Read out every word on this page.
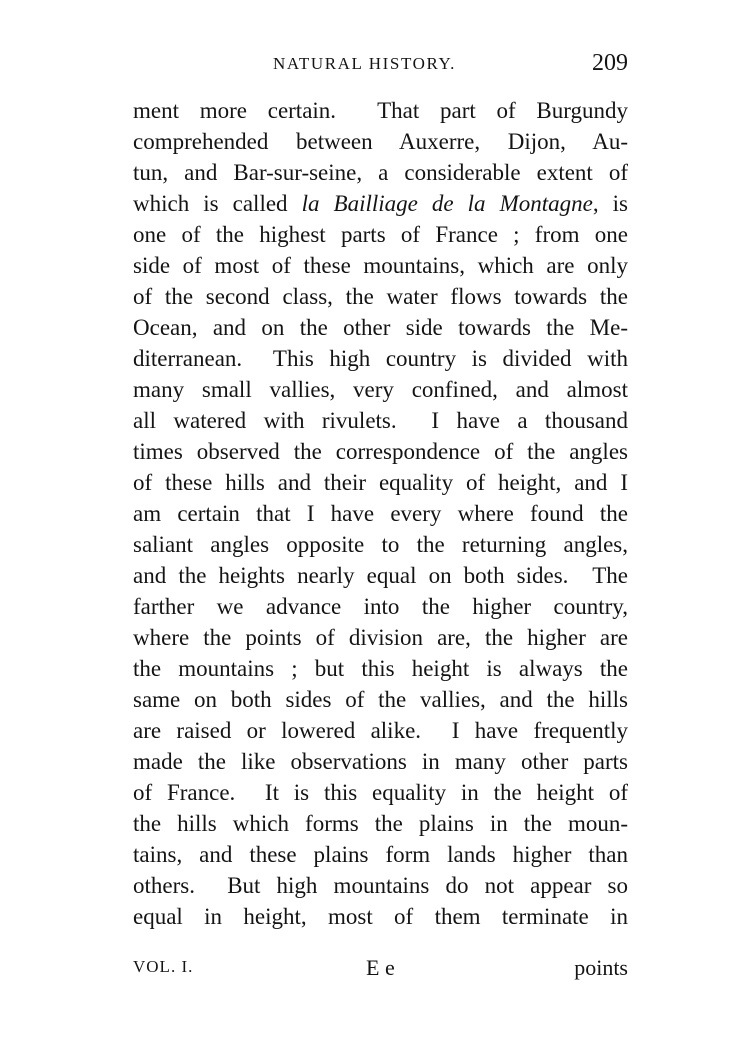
NATURAL HISTORY.	209
ment more certain.  That part of Burgundy
comprehended between Auxerre, Dijon, Au-
tun, and Bar-sur-seine, a considerable extent of
which is called la Bailliage de la Montagne, is
one of the highest parts of France ; from one
side of most of these mountains, which are only
of the second class, the water flows towards the
Ocean, and on the other side towards the Me-
diterranean.  This high country is divided with
many small vallies, very confined, and almost
all watered with rivulets.  I have a thousand
times observed the correspondence of the angles
of these hills and their equality of height, and I
am certain that I have every where found the
saliant angles opposite to the returning angles,
and the heights nearly equal on both sides.  The
farther we advance into the higher country,
where the points of division are, the higher are
the mountains ; but this height is always the
same on both sides of the vallies, and the hills
are raised or lowered alike.  I have frequently
made the like observations in many other parts
of France.  It is this equality in the height of
the hills which forms the plains in the moun-
tains, and these plains form lands higher than
others.  But high mountains do not appear so
equal in height, most of them terminate in
VOL. I.	E e	points
